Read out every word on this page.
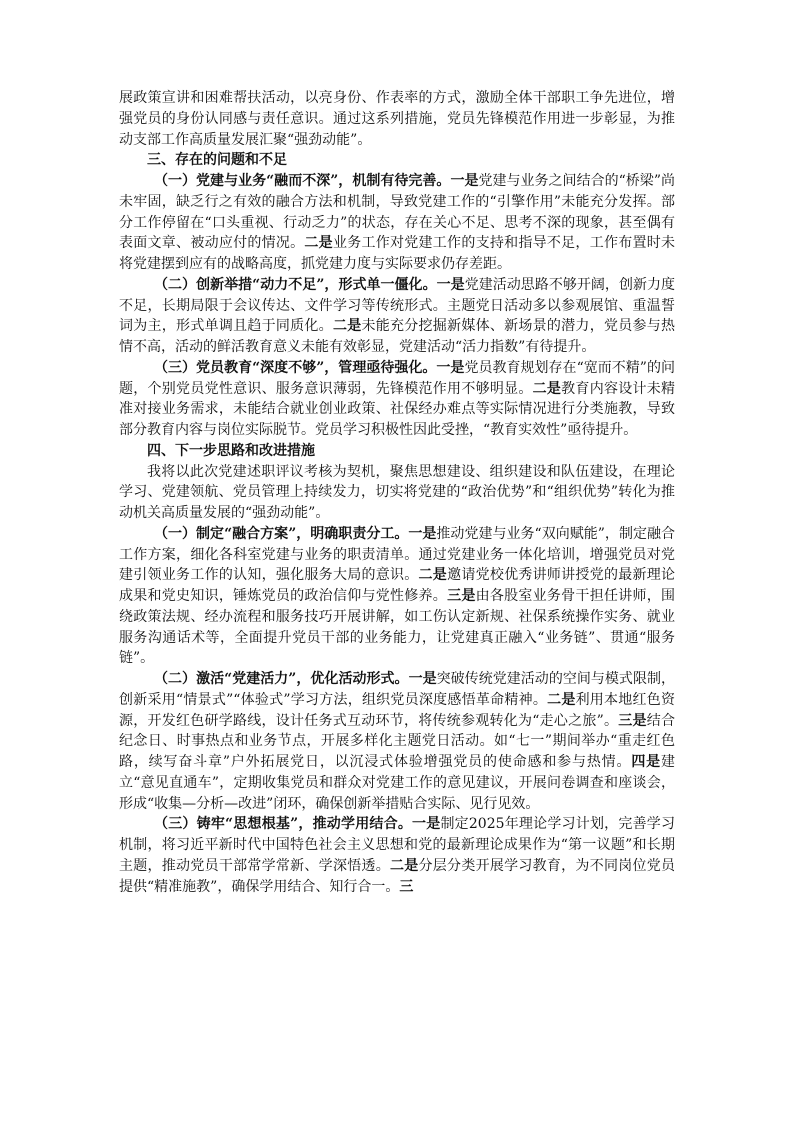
展政策宣讲和困难帮扶活动，以亮身份、作表率的方式，激励全体干部职工争先进位，增强党员的身份认同感与责任意识。通过这系列措施，党员先锋模范作用进一步彰显，为推动支部工作高质量发展汇聚“强劲动能”。

三、存在的问题和不足

（一）党建与业务“融而不深”，机制有待完善。一是党建与业务之间结合的“桥梁”尚未牢固，缺乏行之有效的融合方法和机制，导致党建工作的“引擎作用”未能充分发挥。部分工作停留在“口头重视、行动乏力”的状态，存在关心不足、思考不深的现象，甚至偶有表面文章、被动应付的情况。二是业务工作对党建工作的支持和指导不足，工作布置时未将党建摆到应有的战略高度，抓党建力度与实际要求仍存差距。

（二）创新举措“动力不足”，形式单一僵化。一是党建活动思路不够开阔，创新力度不足，长期局限于会议传达、文件学习等传统形式。主题党日活动多以参观展馆、重温誓词为主，形式单调且趋于同质化。二是未能充分挖掘新媒体、新场景的潜力，党员参与热情不高，活动的鲜活教育意义未能有效彰显，党建活动“活力指数”有待提升。

（三）党员教育“深度不够”，管理亟待强化。一是党员教育规划存在“宽而不精”的问题，个别党员党性意识、服务意识薄弱，先锋模范作用不够明显。二是教育内容设计未精准对接业务需求，未能结合就业创业政策、社保经办难点等实际情况进行分类施教，导致部分教育内容与岗位实际脱节。党员学习积极性因此受挫，“教育实效性”亟待提升。

四、下一步思路和改进措施

我将以此次党建述职评议考核为契机，聚焦思想建设、组织建设和队伍建设，在理论学习、党建领航、党员管理上持续发力，切实将党建的“政治优势”和“组织优势”转化为推动机关高质量发展的“强劲动能”。

（一）制定“融合方案”，明确职责分工。一是推动党建与业务“双向赋能”，制定融合工作方案，细化各科室党建与业务的职责清单。通过党建业务一体化培训，增强党员对党建引领业务工作的认知，强化服务大局的意识。二是邀请党校优秀讲师讲授党的最新理论成果和党史知识，锤炼党员的政治信仰与党性修养。三是由各股室业务骨干担任讲师，围绕政策法规、经办流程和服务技巧开展讲解，如工伤认定新规、社保系统操作实务、就业服务沟通话术等，全面提升党员干部的业务能力，让党建真正融入“业务链”、贯通“服务链”。

（二）激活“党建活力”，优化活动形式。一是突破传统党建活动的空间与模式限制，创新采用“情景式”“体验式”学习方法，组织党员深度感悟革命精神。二是利用本地红色资源，开发红色研学路线，设计任务式互动环节，将传统参观转化为“走心之旅”。三是结合纪念日、时事热点和业务节点，开展多样化主题党日活动。如“七一”期间举办“重走红色路，续写奋斗章”户外拓展党日，以沉浸式体验增强党员的使命感和参与热情。四是建立“意见直通车”，定期收集党员和群众对党建工作的意见建议，开展问卷调查和座谈会，形成“收集—分析—改进”闭环，确保创新举措贴合实际、见行见效。

（三）铸牢“思想根基”，推动学用结合。一是制定2025年理论学习计划，完善学习机制，将习近平新时代中国特色社会主义思想和党的最新理论成果作为“第一议题”和长期主题，推动党员干部常学常新、学深悟透。二是分层分类开展学习教育，为不同岗位党员提供“精准施教”，确保学用结合、知行合一。三
